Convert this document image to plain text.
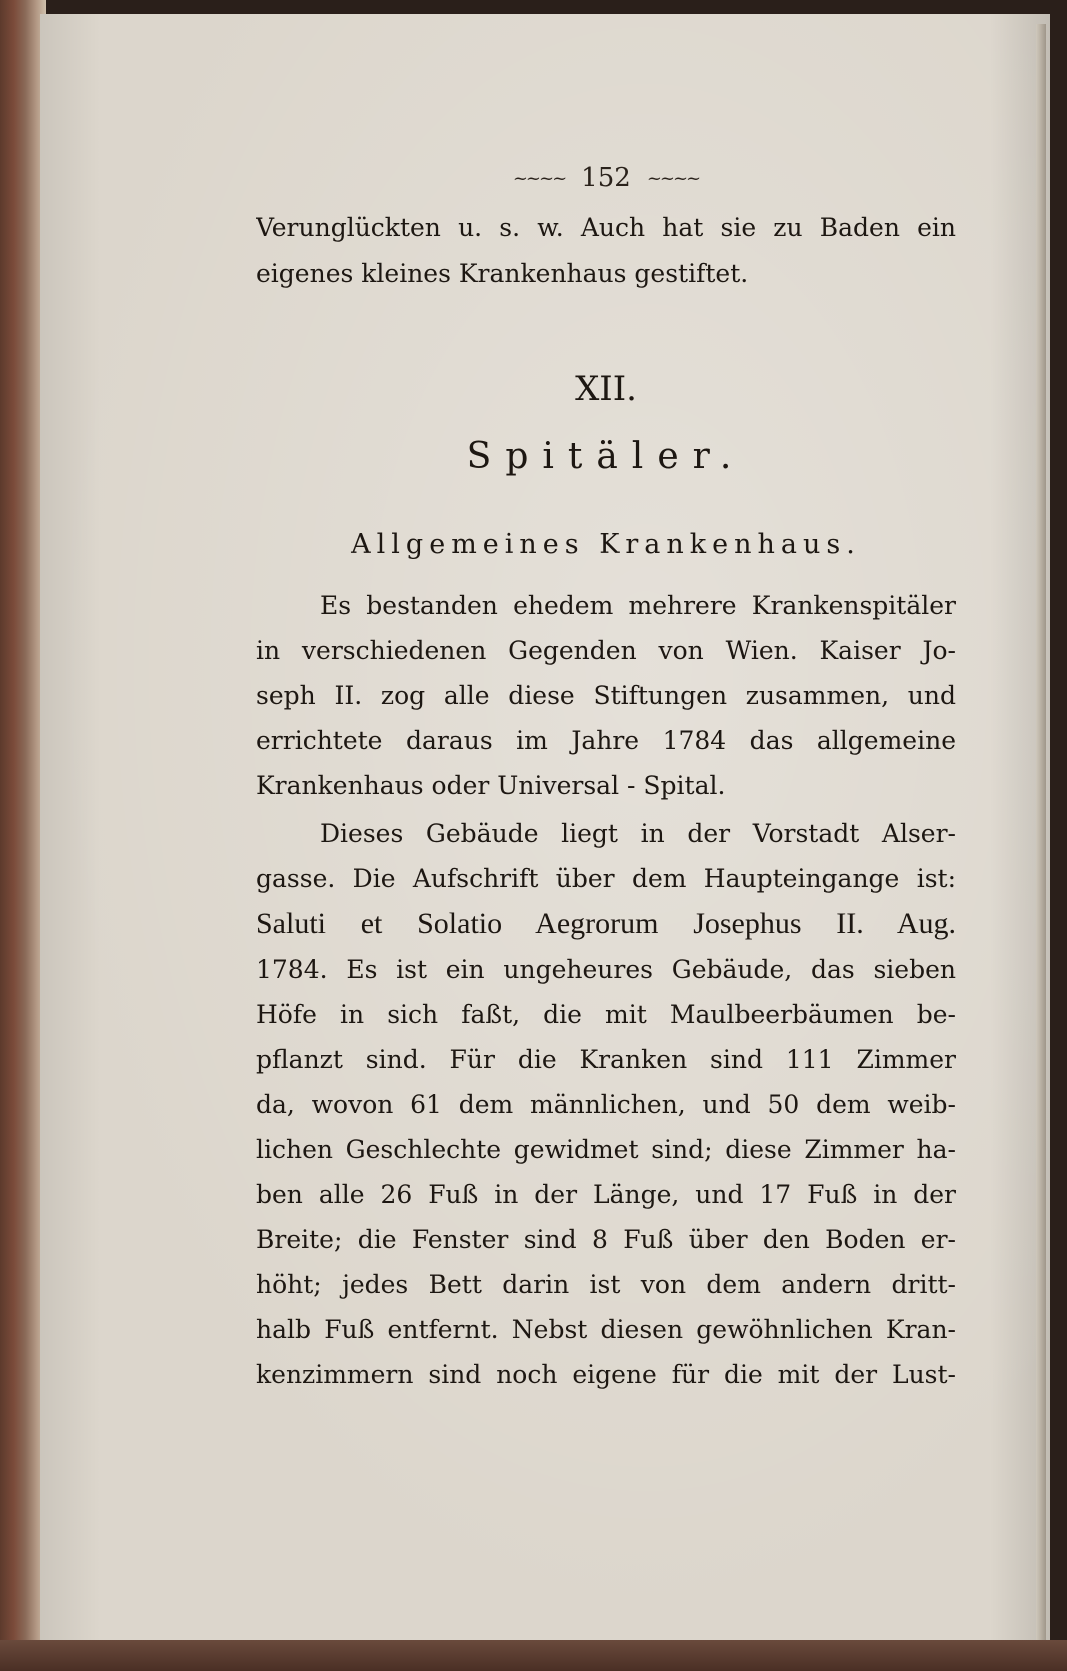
~~~~ 152 ~~~~
Verunglückten u. s. w. Auch hat sie zu Baden ein
eigenes kleines Krankenhaus gestiftet.
XII.
Spitäler.
Allgemeines Krankenhaus.
Es bestanden ehedem mehrere Krankenspitäler
in verschiedenen Gegenden von Wien. Kaiser Jo-
seph II. zog alle diese Stiftungen zusammen, und
errichtete daraus im Jahre 1784 das allgemeine
Krankenhaus oder Universal - Spital.
Dieses Gebäude liegt in der Vorstadt Alser-
gasse. Die Aufschrift über dem Haupteingange ist:
Saluti et Solatio Aegrorum Josephus II. Aug.
1784. Es ist ein ungeheures Gebäude, das sieben
Höfe in sich faßt, die mit Maulbeerbäumen be-
pflanzt sind. Für die Kranken sind 111 Zimmer
da, wovon 61 dem männlichen, und 50 dem weib-
lichen Geschlechte gewidmet sind; diese Zimmer ha-
ben alle 26 Fuß in der Länge, und 17 Fuß in der
Breite; die Fenster sind 8 Fuß über den Boden er-
höht; jedes Bett darin ist von dem andern dritt-
halb Fuß entfernt. Nebst diesen gewöhnlichen Kran-
kenzimmern sind noch eigene für die mit der Lust-
